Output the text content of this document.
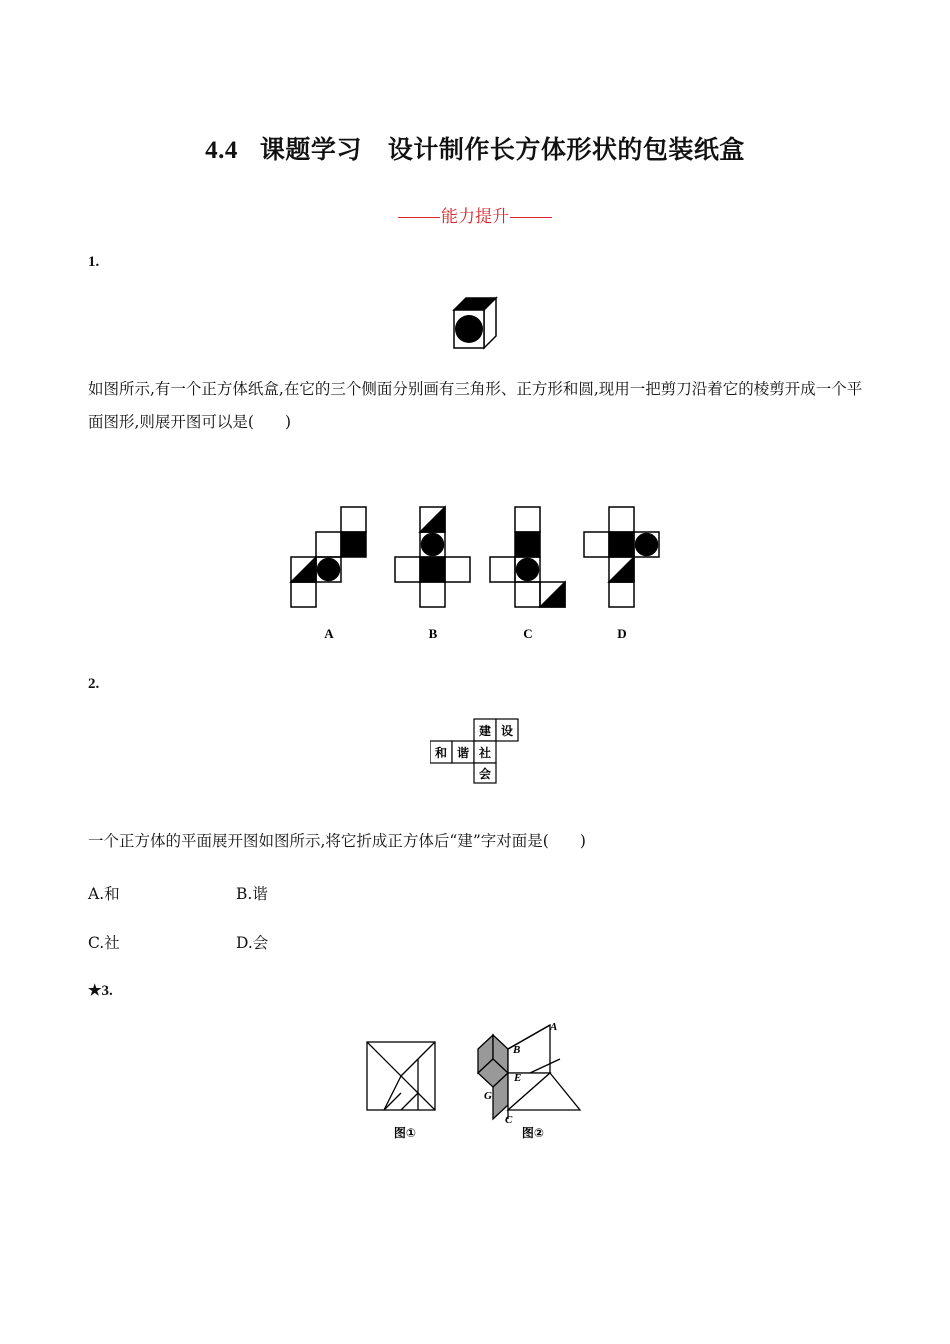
4.4 课题学习 设计制作长方体形状的包装纸盒
能力提升
1.
如图所示,有一个正方体纸盒,在它的三个侧面分别画有三角形、正方形和圆,现用一把剪刀沿着它的棱剪开成一个平面图形,则展开图可以是(　　)
A	B	C	D
2.
建 设
和 谐 社
会
一个正方体的平面展开图如图所示,将它折成正方体后“建”字对面是(　　)
A.和	B.谐
C.社	D.会
★3.
A
B
E
G
C
图①	图②
